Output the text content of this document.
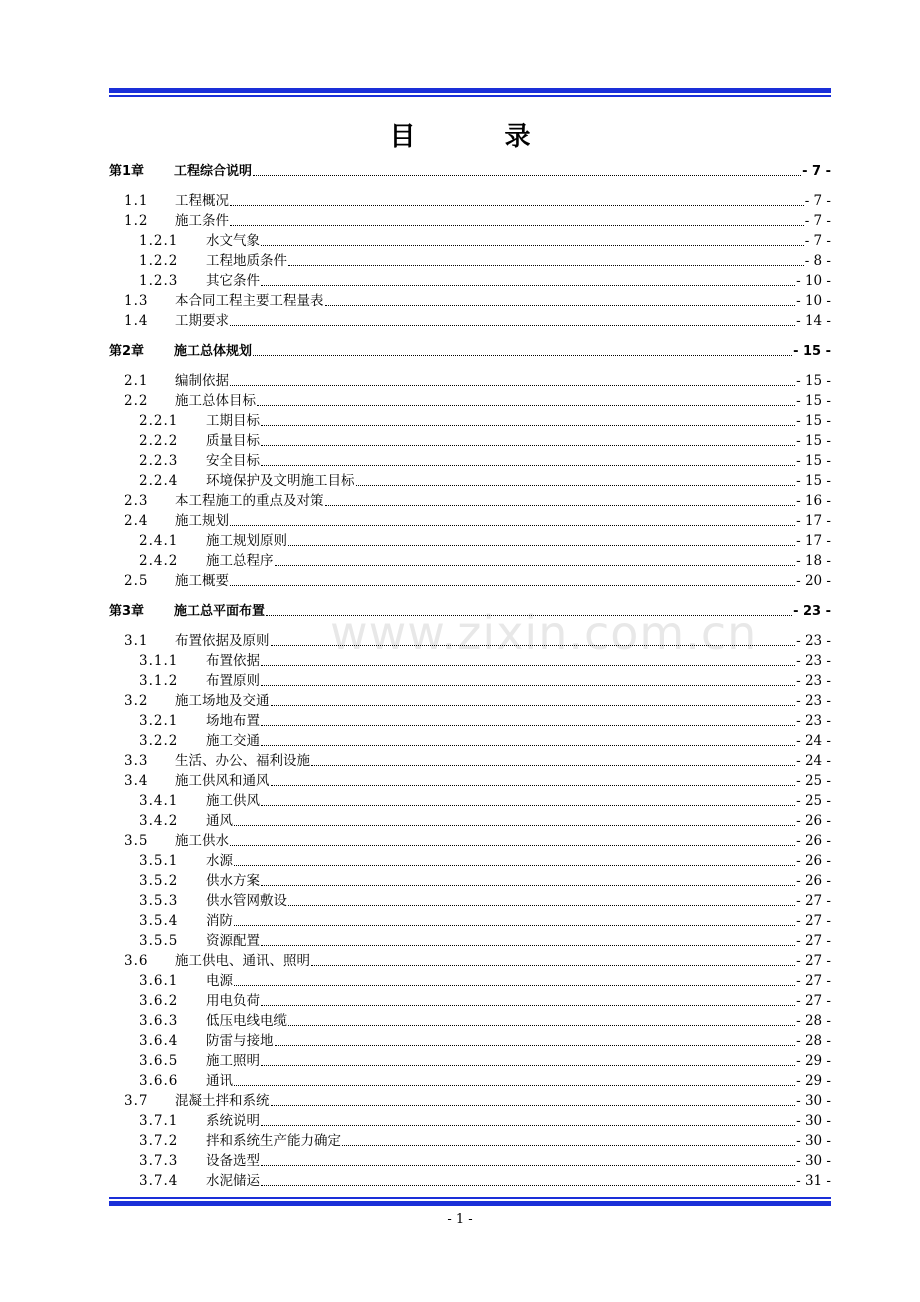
目 录
www.zixin.com.cn
第1章	工程综合说明	- 7 -
1.1	工程概况	- 7 -
1.2	施工条件	- 7 -
1.2.1	水文气象	- 7 -
1.2.2	工程地质条件	- 8 -
1.2.3	其它条件	- 10 -
1.3	本合同工程主要工程量表	- 10 -
1.4	工期要求	- 14 -
第2章	施工总体规划	- 15 -
2.1	编制依据	- 15 -
2.2	施工总体目标	- 15 -
2.2.1	工期目标	- 15 -
2.2.2	质量目标	- 15 -
2.2.3	安全目标	- 15 -
2.2.4	环境保护及文明施工目标	- 15 -
2.3	本工程施工的重点及对策	- 16 -
2.4	施工规划	- 17 -
2.4.1	施工规划原则	- 17 -
2.4.2	施工总程序	- 18 -
2.5	施工概要	- 20 -
第3章	施工总平面布置	- 23 -
3.1	布置依据及原则	- 23 -
3.1.1	布置依据	- 23 -
3.1.2	布置原则	- 23 -
3.2	施工场地及交通	- 23 -
3.2.1	场地布置	- 23 -
3.2.2	施工交通	- 24 -
3.3	生活、办公、福利设施	- 24 -
3.4	施工供风和通风	- 25 -
3.4.1	施工供风	- 25 -
3.4.2	通风	- 26 -
3.5	施工供水	- 26 -
3.5.1	水源	- 26 -
3.5.2	供水方案	- 26 -
3.5.3	供水管网敷设	- 27 -
3.5.4	消防	- 27 -
3.5.5	资源配置	- 27 -
3.6	施工供电、通讯、照明	- 27 -
3.6.1	电源	- 27 -
3.6.2	用电负荷	- 27 -
3.6.3	低压电线电缆	- 28 -
3.6.4	防雷与接地	- 28 -
3.6.5	施工照明	- 29 -
3.6.6	通讯	- 29 -
3.7	混凝土拌和系统	- 30 -
3.7.1	系统说明	- 30 -
3.7.2	拌和系统生产能力确定	- 30 -
3.7.3	设备选型	- 30 -
3.7.4	水泥储运	- 31 -
- 1 -
